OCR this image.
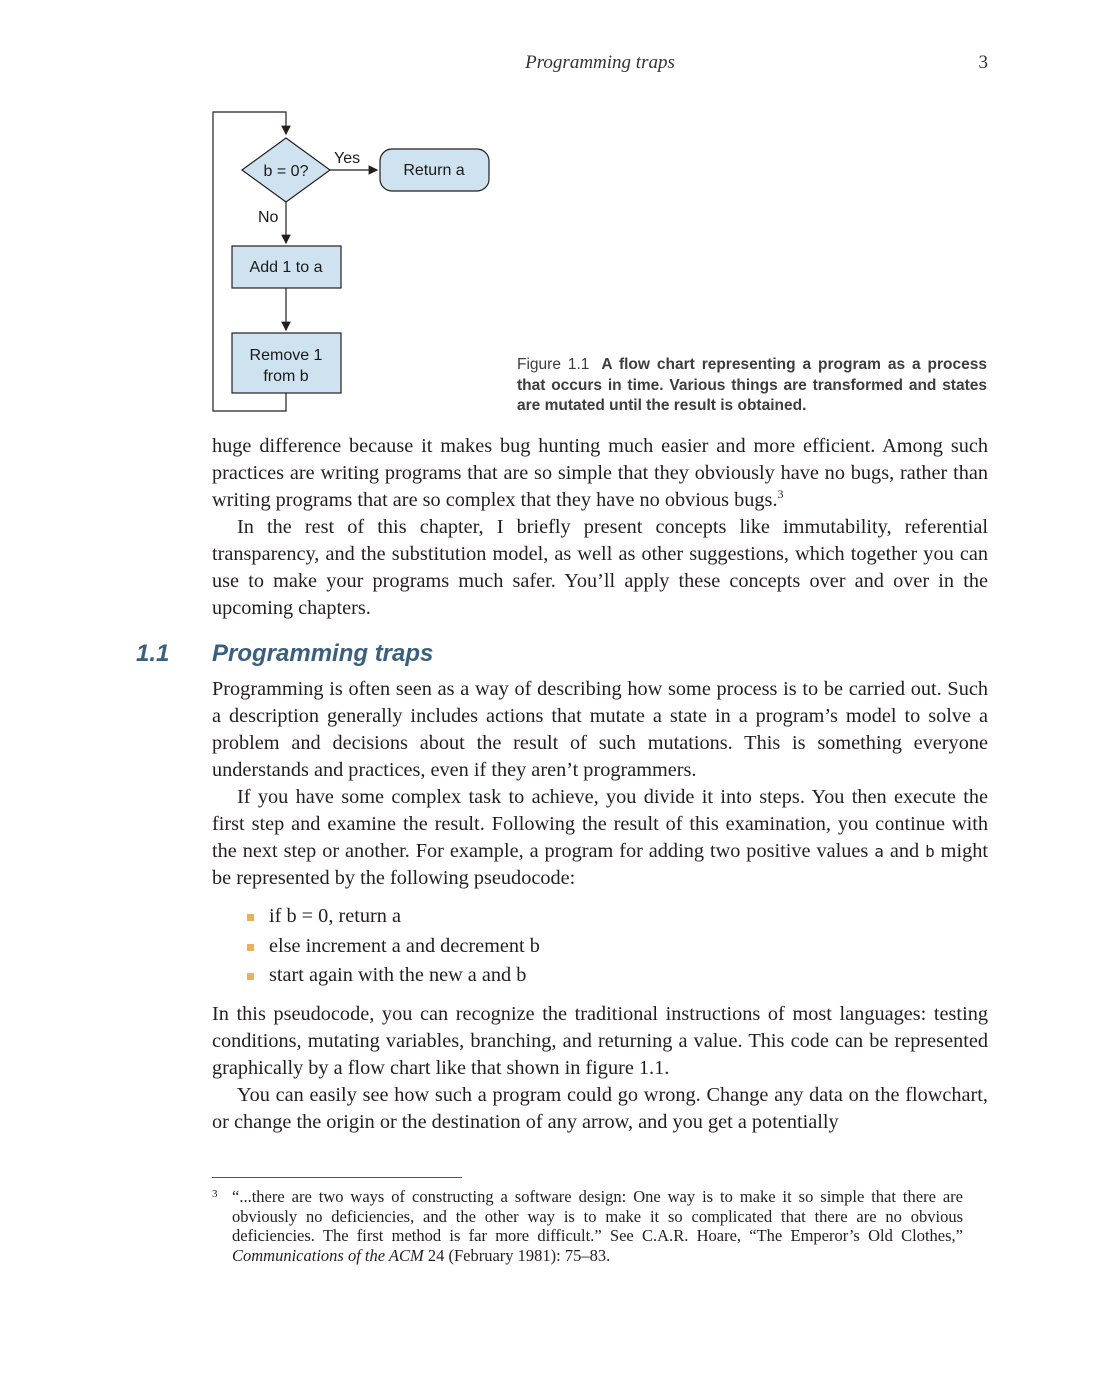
Programming traps	3
b = 0?
Yes
Return a
No
Add 1 to a
Remove 1
from b
Figure 1.1 A flow chart representing a program as a process that occurs in time. Various things are transformed and states are mutated until the result is obtained.

huge difference because it makes bug hunting much easier and more efficient. Among such practices are writing programs that are so simple that they obviously have no bugs, rather than writing programs that are so complex that they have no obvious bugs.$^3$

In the rest of this chapter, I briefly present concepts like immutability, referential transparency, and the substitution model, as well as other suggestions, which together you can use to make your programs much safer. You’ll apply these concepts over and over in the upcoming chapters.

1.1 Programming traps

Programming is often seen as a way of describing how some process is to be carried out. Such a description generally includes actions that mutate a state in a program’s model to solve a problem and decisions about the result of such mutations. This is something everyone understands and practices, even if they aren’t programmers.

If you have some complex task to achieve, you divide it into steps. You then execute the first step and examine the result. Following the result of this examination, you continue with the next step or another. For example, a program for adding two positive values a and b might be represented by the following pseudocode:

if b = 0, return a
else increment a and decrement b
start again with the new a and b

In this pseudocode, you can recognize the traditional instructions of most languages: testing conditions, mutating variables, branching, and returning a value. This code can be represented graphically by a flow chart like that shown in figure 1.1.

You can easily see how such a program could go wrong. Change any data on the flowchart, or change the origin or the destination of any arrow, and you get a potentially

3 “...there are two ways of constructing a software design: One way is to make it so simple that there are obviously no deficiencies, and the other way is to make it so complicated that there are no obvious deficiencies. The first method is far more difficult.” See C.A.R. Hoare, “The Emperor’s Old Clothes,” Communications of the ACM 24 (February 1981): 75–83.
